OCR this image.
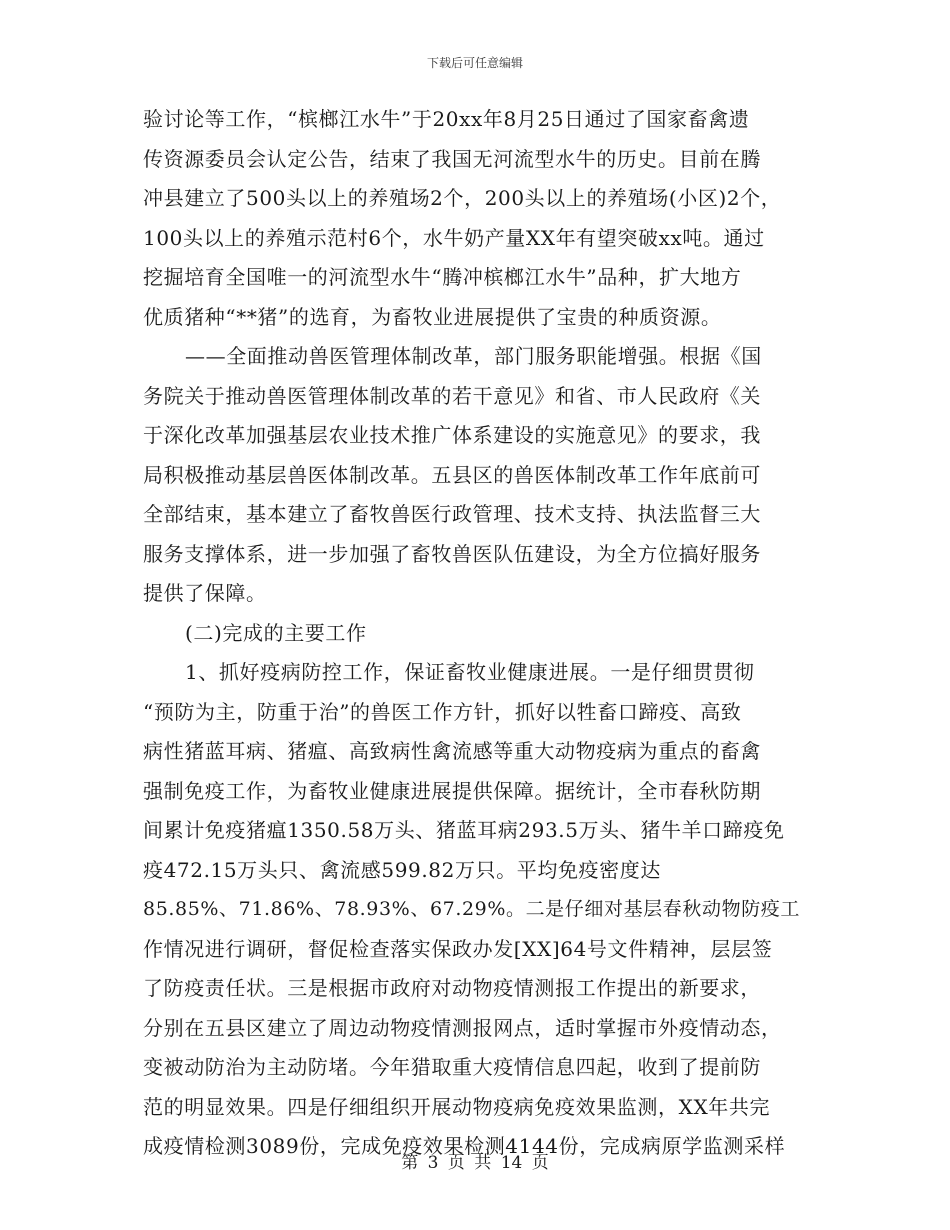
下载后可任意编辑
验讨论等工作，“槟榔江水牛”于20xx年8月25日通过了国家畜禽遗
传资源委员会认定公告，结束了我国无河流型水牛的历史。目前在腾
冲县建立了500头以上的养殖场2个，200头以上的养殖场(小区)2个，
100头以上的养殖示范村6个，水牛奶产量XX年有望突破xx吨。通过
挖掘培育全国唯一的河流型水牛“腾冲槟榔江水牛”品种，扩大地方
优质猪种“**猪”的选育，为畜牧业进展提供了宝贵的种质资源。
——全面推动兽医管理体制改革，部门服务职能增强。根据《国
务院关于推动兽医管理体制改革的若干意见》和省、市人民政府《关
于深化改革加强基层农业技术推广体系建设的实施意见》的要求，我
局积极推动基层兽医体制改革。五县区的兽医体制改革工作年底前可
全部结束，基本建立了畜牧兽医行政管理、技术支持、执法监督三大
服务支撑体系，进一步加强了畜牧兽医队伍建设，为全方位搞好服务
提供了保障。
(二)完成的主要工作
1、抓好疫病防控工作，保证畜牧业健康进展。一是仔细贯贯彻
“预防为主，防重于治”的兽医工作方针，抓好以牲畜口蹄疫、高致
病性猪蓝耳病、猪瘟、高致病性禽流感等重大动物疫病为重点的畜禽
强制免疫工作，为畜牧业健康进展提供保障。据统计，全市春秋防期
间累计免疫猪瘟1350.58万头、猪蓝耳病293.5万头、猪牛羊口蹄疫免
疫472.15万头只、禽流感599.82万只。平均免疫密度达
85.85%、71.86%、78.93%、67.29%。二是仔细对基层春秋动物防疫工
作情况进行调研，督促检查落实保政办发[XX]64号文件精神，层层签
了防疫责任状。三是根据市政府对动物疫情测报工作提出的新要求，
分别在五县区建立了周边动物疫情测报网点，适时掌握市外疫情动态，
变被动防治为主动防堵。今年猎取重大疫情信息四起，收到了提前防
范的明显效果。四是仔细组织开展动物疫病免疫效果监测，XX年共完
成疫情检测3089份，完成免疫效果检测4144份，完成病原学监测采样
第 3 页 共 14 页
